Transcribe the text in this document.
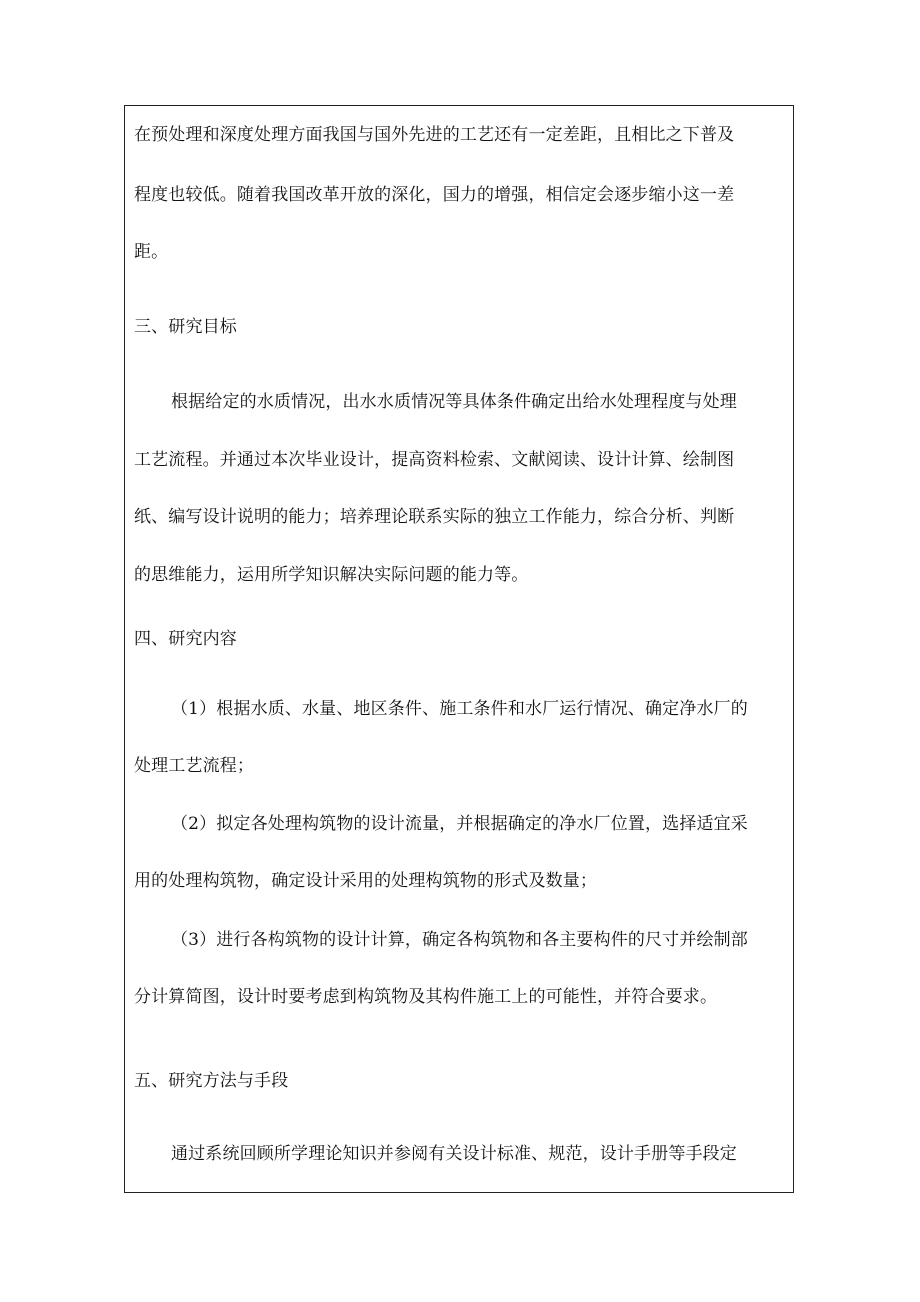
在预处理和深度处理方面我国与国外先进的工艺还有一定差距，且相比之下普及
程度也较低。随着我国改革开放的深化，国力的增强，相信定会逐步缩小这一差
距。
三、研究目标
根据给定的水质情况，出水水质情况等具体条件确定出给水处理程度与处理
工艺流程。并通过本次毕业设计，提高资料检索、文献阅读、设计计算、绘制图
纸、编写设计说明的能力；培养理论联系实际的独立工作能力，综合分析、判断
的思维能力，运用所学知识解决实际问题的能力等。
四、研究内容
（1）根据水质、水量、地区条件、施工条件和水厂运行情况、确定净水厂的
处理工艺流程；
（2）拟定各处理构筑物的设计流量，并根据确定的净水厂位置，选择适宜采
用的处理构筑物，确定设计采用的处理构筑物的形式及数量；
（3）进行各构筑物的设计计算，确定各构筑物和各主要构件的尺寸并绘制部
分计算简图，设计时要考虑到构筑物及其构件施工上的可能性，并符合要求。
五、研究方法与手段
通过系统回顾所学理论知识并参阅有关设计标准、规范，设计手册等手段定
